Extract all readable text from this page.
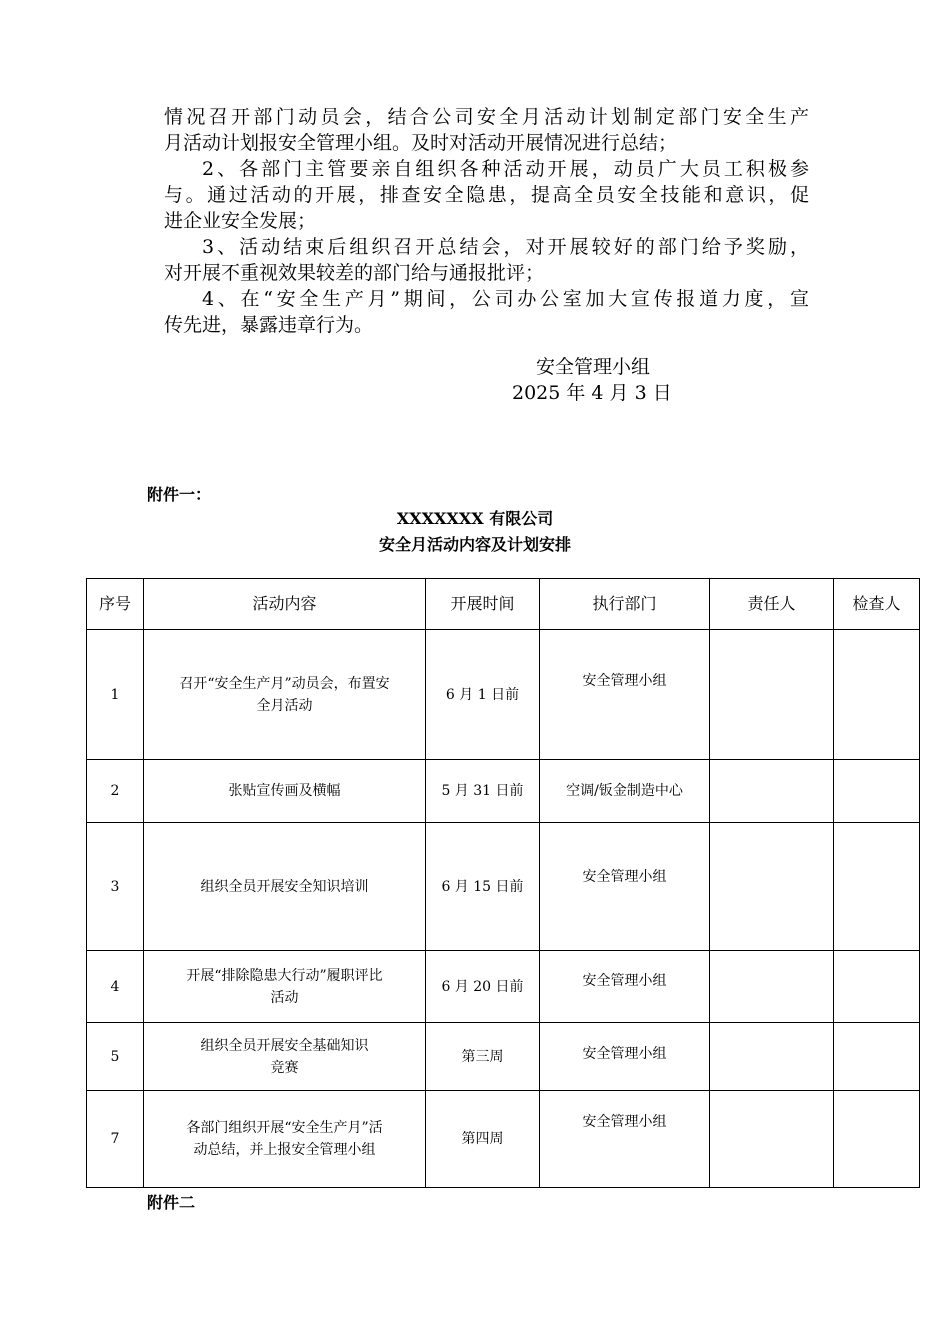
情况召开部门动员会，结合公司安全月活动计划制定部门安全生产
月活动计划报安全管理小组。及时对活动开展情况进行总结；
2、各部门主管要亲自组织各种活动开展，动员广大员工积极参
与。通过活动的开展，排查安全隐患，提高全员安全技能和意识，促
进企业安全发展；
3、活动结束后组织召开总结会，对开展较好的部门给予奖励，
对开展不重视效果较差的部门给与通报批评；
4、在“安全生产月”期间，公司办公室加大宣传报道力度，宣
传先进，暴露违章行为。
安全管理小组
2025 年 4 月 3 日
附件一：
XXXXXXX 有限公司
安全月活动内容及计划安排
序号	活动内容	开展时间	执行部门	责任人	检查人
1	召开“安全生产月”动员会，布置安
全月活动	6 月 1 日前	安全管理小组		
2	张贴宣传画及横幅	5 月 31 日前	空调/钣金制造中心		
3	组织全员开展安全知识培训	6 月 15 日前	安全管理小组		
4	开展“排除隐患大行动”履职评比
活动	6 月 20 日前	安全管理小组		
5	组织全员开展安全基础知识
竞赛	第三周	安全管理小组		
7	各部门组织开展“安全生产月”活
动总结，并上报安全管理小组	第四周	安全管理小组		
附件二
